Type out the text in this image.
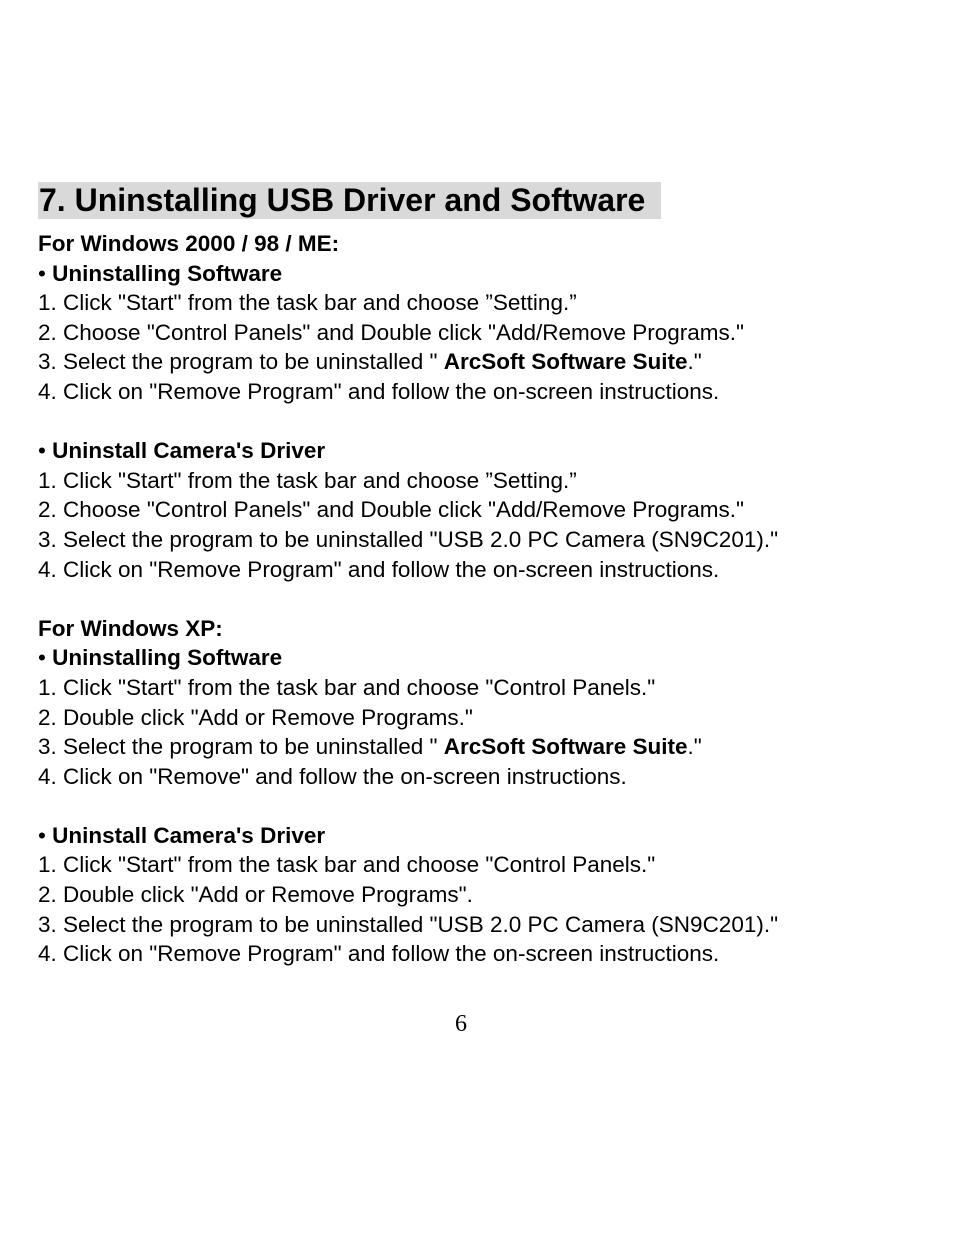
7. Uninstalling USB Driver and Software
For Windows 2000 / 98 / ME:
• Uninstalling Software
1. Click "Start" from the task bar and choose ”Setting.”
2. Choose "Control Panels" and Double click "Add/Remove Programs."
3. Select the program to be uninstalled " ArcSoft Software Suite."
4. Click on "Remove Program" and follow the on-screen instructions.
• Uninstall Camera's Driver
1. Click "Start" from the task bar and choose ”Setting.”
2. Choose "Control Panels" and Double click "Add/Remove Programs."
3. Select the program to be uninstalled "USB 2.0 PC Camera (SN9C201)."
4. Click on "Remove Program" and follow the on-screen instructions.
For Windows XP:
• Uninstalling Software
1. Click "Start" from the task bar and choose "Control Panels."
2. Double click "Add or Remove Programs."
3. Select the program to be uninstalled " ArcSoft Software Suite."
4. Click on "Remove" and follow the on-screen instructions.
• Uninstall Camera's Driver
1. Click "Start" from the task bar and choose "Control Panels."
2. Double click "Add or Remove Programs".
3. Select the program to be uninstalled "USB 2.0 PC Camera (SN9C201)."
4. Click on "Remove Program" and follow the on-screen instructions.
6
